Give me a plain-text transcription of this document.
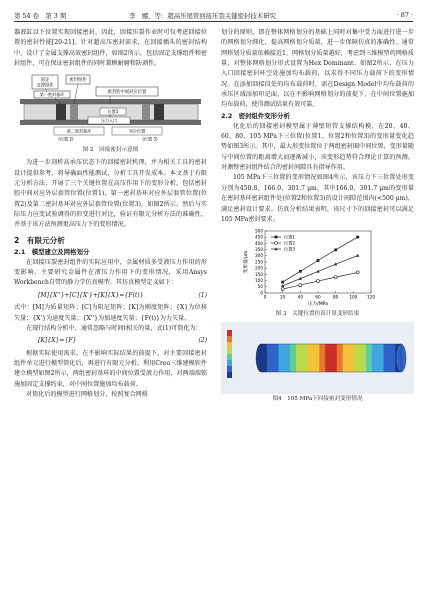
第 54 卷　第 3 期	李　娜，等：超高压尾管回接压裂关键密封技术研究	· 87 ·

器液缸以下位置实现回接密封，因此，回接压裂作业时可仅考虑回接位置的密封性能[20-21]。针对超高压密封需求，在回接插头的密封结构中，设计了金属支撑高效密封组件，如图2所示，包括固定支撑组件和密封组件，可在保证密封组件的同时兼顾耐磨和防剥性。

固定
支撑组件
密封组件
密封腔中间对应位置
第一密封基环
位置1
压力入口
第二密封基环
(位置 2)
对应位置
(位置 3)
图 2　回接密封示意图

为进一步剖析高承压状态下的回接密封机理，并为相关工具的密封设计提供参考，将导确面性能测试，分析工具开发成本。本文基于有限元分析方法，开展了三个关键位置在高压作用下的变形分析，包括密封腔中间对应外层套管位置(位置1)、第一密封基环对应外层套管位置(位置2)及第二密封基环对应外层套管位置(位置3)，如图2所示。然后与实际压力应变试验调得的形变进行对比，验证有限元分析方法的准确性，并基于该方法预测更高压力下的变形情况。

2　有限元分析
2.1　模型建立及网格划分

在回接压裂密封组件的实际应用中，金属材质多受液压力作用的形变影响。主要研究金属件在液压力作用下的变形情况，采用Ansys Workbench自带的静力学仿真模型，其仿真模型定义如下：

[M]{X''}+[C]{X'}+[K]{X}={F(t)}	(1)

式中：[M]为质量矩阵；[C]为阻尼矩阵；[K]为刚度矩阵；{X}为位移矢量；{X'}为速度矢量；{X''}为加速度矢量；{F(t)}为力矢量。

在现行结构分析中，通常忽略与时间t相关的量，式(1)可简化为：

[K]{X}={F}	(2)

根据实际使用需求，在不影响实际结果的前提下，对主要回接密封组件单元进行模型简化后，再进行有限元分析。利用Creo三维建模软件建立模型如图2所示，两组密封基环的中间位置受液力作用，对两端端锁施加固定支撑约束，对中间位置施加均布载荷。

对简化后的模型进行网格划分，按照复合网格

划分的原则，即在整体网格划分的基础上同时对集中受力面进行进一步的网格划分细化，提高网格划分质量，进一步保障仿真的准确性。通常网格划分质量依赖接近1，网格划分质量越好，考虑到三维模型的网格质量，对整体网格划分形式设置为Hex Dominant。如图2所示，在压力入口回接密封环空处施加均布载荷，以求得不同压力载荷下的变形情况。在添加回接段处的均布载荷时，需在Design Model中均布载荷的承压区域添加印记面，以在不影响网格划分的前提下，在中间位置施加均布载荷，使得测试结果有效可靠。

2.2　密封组件变形分析

化化后的回接密封模型属于薄壁短管支撑结构模，在20、40、60、80、105 MPa下三位置(位置1、位置2和位置3)的变形量变化趋势如图3所示。其中，最大形变位置位于两组密封圈中间位置，变形量随与中间位置的距离增大而逐渐减小，该变形趋势符合理论计算的预测。对测整密封组件结合的密封间隙具有指导作用。

105 MPa下三位置的变形情况如图4所示，该压力下三位置处形变分别为450.8、166.0、301.7 μm，其中166.0、301.7 μm的变形量在密封基环密封组件处(位置2和位置3)的设计间隙范围内(<500 μm)，满足密封设计要求。仿真分析结果表明，该尺寸下的回接密封可以满足105 MPa密封要求。

0	20	40	60	80	100 120
0
50
100
150
200
250
300
350
400
450
500
压力/MPa
变形量/μm
位置1
位置2
位置3
图 3　关键位置仿真计算变形结果
图4　105 MPa下回接密封变形情况
